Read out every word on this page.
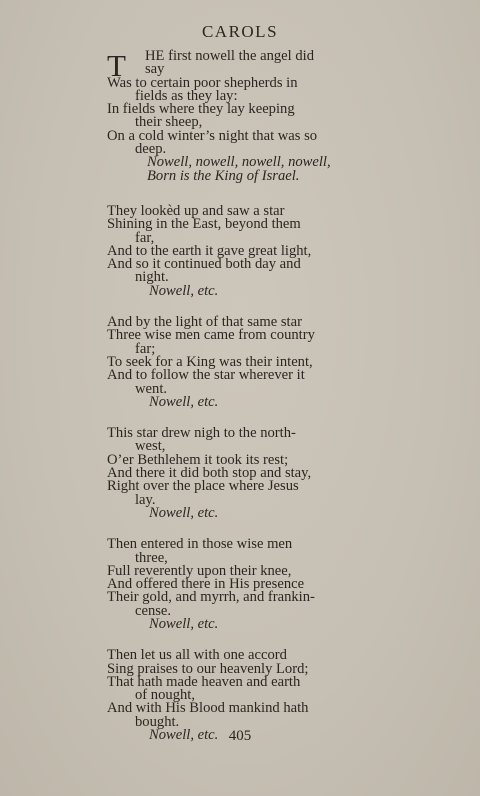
CAROLS
T HE first nowell the angel did
say
Was to certain poor shepherds in
fields as they lay:
In fields where they lay keeping
their sheep,
On a cold winter’s night that was so
deep.
Nowell, nowell, nowell, nowell,
Born is the King of Israel.
They lookèd up and saw a star
Shining in the East, beyond them
far,
And to the earth it gave great light,
And so it continued both day and
night.
Nowell, etc.
And by the light of that same star
Three wise men came from country
far;
To seek for a King was their intent,
And to follow the star wherever it
went.
Nowell, etc.
This star drew nigh to the north-
west,
O’er Bethlehem it took its rest;
And there it did both stop and stay,
Right over the place where Jesus
lay.
Nowell, etc.
Then entered in those wise men
three,
Full reverently upon their knee,
And offered there in His presence
Their gold, and myrrh, and frankin-
cense.
Nowell, etc.
Then let us all with one accord
Sing praises to our heavenly Lord;
That hath made heaven and earth
of nought,
And with His Blood mankind hath
bought.
Nowell, etc. 405
